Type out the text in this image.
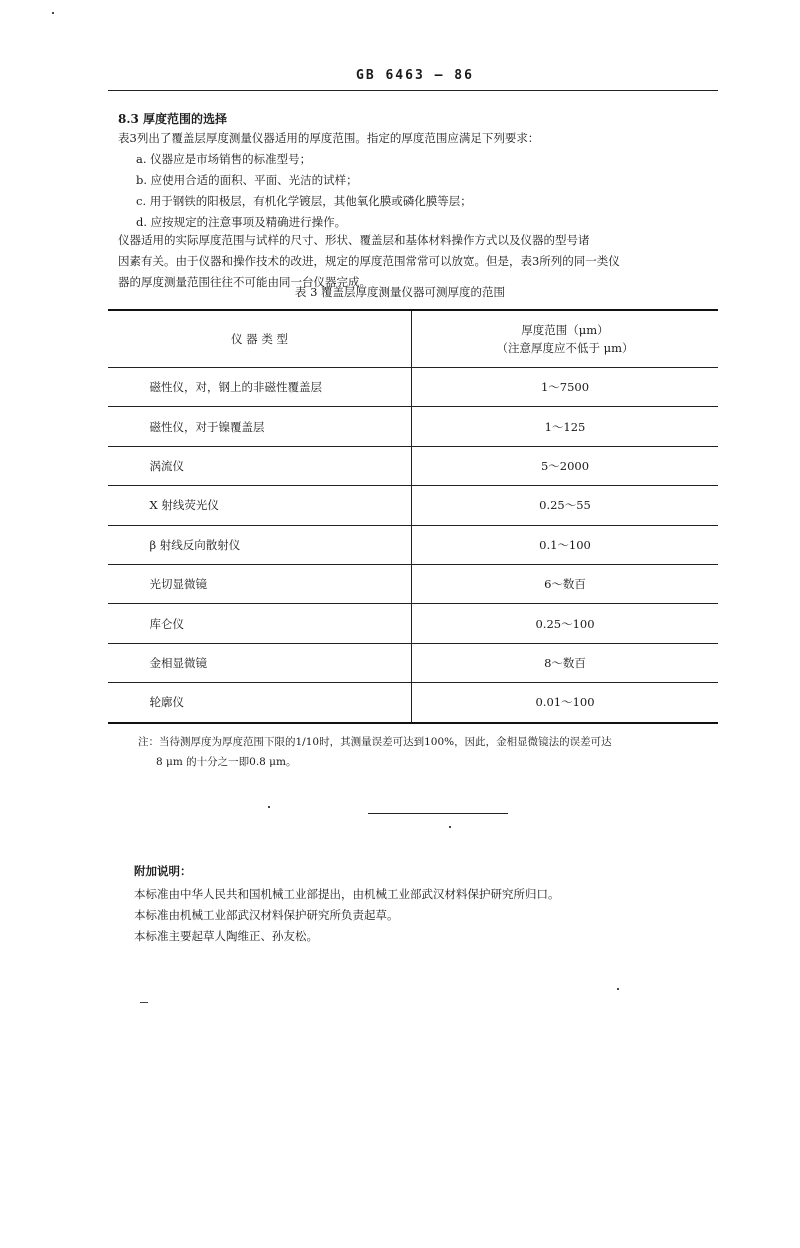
GB 6463 — 86
8.3 厚度范围的选择
表3列出了覆盖层厚度测量仪器适用的厚度范围。指定的厚度范围应满足下列要求：
a. 仪器应是市场销售的标准型号；
b. 应使用合适的面积、平面、光洁的试样；
c. 用于钢铁的阳极层，有机化学镀层，其他氧化膜或磷化膜等层；
d. 应按规定的注意事项及精确进行操作。

仪器适用的实际厚度范围与试样的尺寸、形状、覆盖层和基体材料操作方式以及仪器的型号诸

因素有关。由于仪器和操作技术的改进，规定的厚度范围常常可以放宽。但是，表3所列的同一类仪

器的厚度测量范围往往不可能由同一台仪器完成。

表 3 覆盖层厚度测量仪器可测厚度的范围
仪 器 类 型	厚度范围（μm）
（注意厚度应不低于 μm）

磁性仪，对，钢上的非磁性覆盖层	1～7500
磁性仪，对于镍覆盖层	1～125
涡流仪	5～2000
X 射线荧光仪	0.25～55
β 射线反向散射仪	0.1～100
光切显微镜	6～数百
库仑仪	0.25～100
金相显微镜	8～数百
轮廓仪	0.01～100
注：当待测厚度为厚度范围下限的1/10时，其测量误差可达到100%，因此，金相显微镜法的误差可达
8 μm 的十分之一即0.8 μm。
附加说明：
本标准由中华人民共和国机械工业部提出，由机械工业部武汉材料保护研究所归口。
本标准由机械工业部武汉材料保护研究所负责起草。
本标准主要起草人陶维正、孙友松。
